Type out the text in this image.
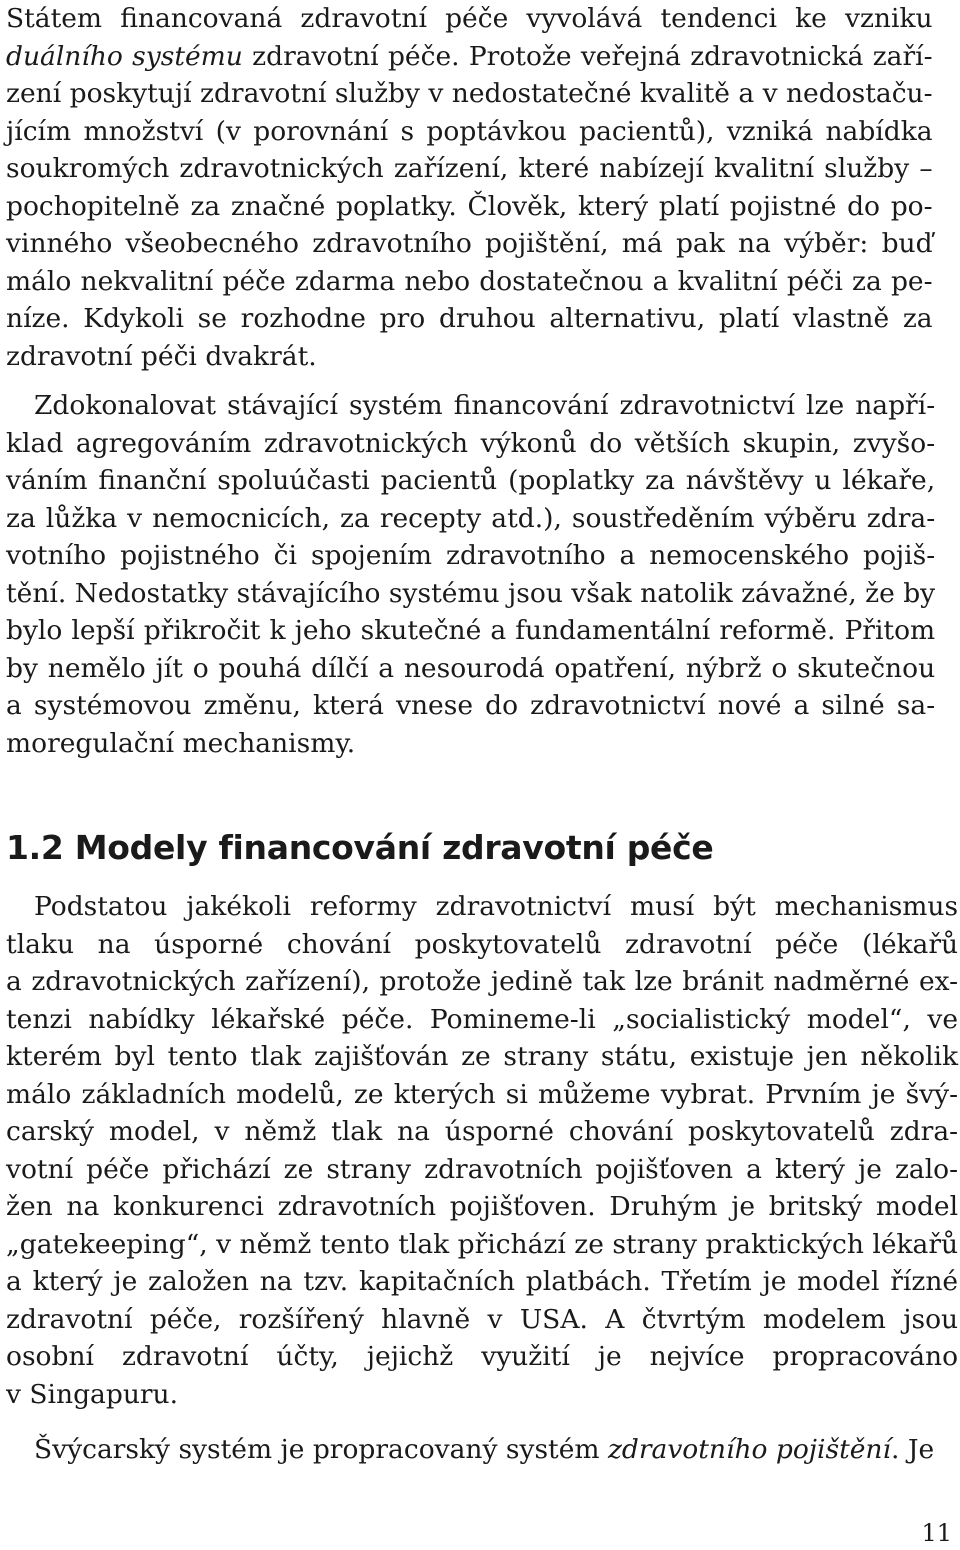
Státem financovaná zdravotní péče vyvolává tendenci ke vzniku
duálního systému zdravotní péče. Protože veřejná zdravotnická zaří-
zení poskytují zdravotní služby v nedostatečné kvalitě a v nedostaču-
jícím množství (v porovnání s poptávkou pacientů), vzniká nabídka
soukromých zdravotnických zařízení, které nabízejí kvalitní služby –
pochopitelně za značné poplatky. Člověk, který platí pojistné do po-
vinného všeobecného zdravotního pojištění, má pak na výběr: buď
málo nekvalitní péče zdarma nebo dostatečnou a kvalitní péči za pe-
níze. Kdykoli se rozhodne pro druhou alternativu, platí vlastně za
zdravotní péči dvakrát.
Zdokonalovat stávající systém financování zdravotnictví lze napří-
klad agregováním zdravotnických výkonů do větších skupin, zvyšo-
váním finanční spoluúčasti pacientů (poplatky za návštěvy u lékaře,
za lůžka v nemocnicích, za recepty atd.), soustředěním výběru zdra-
votního pojistného či spojením zdravotního a nemocenského pojiš-
tění. Nedostatky stávajícího systému jsou však natolik závažné, že by
bylo lepší přikročit k jeho skutečné a fundamentální reformě. Přitom
by nemělo jít o pouhá dílčí a nesourodá opatření, nýbrž o skutečnou
a systémovou změnu, která vnese do zdravotnictví nové a silné sa-
moregulační mechanismy.
1.2 Modely financování zdravotní péče
Podstatou jakékoli reformy zdravotnictví musí být mechanismus
tlaku na úsporné chování poskytovatelů zdravotní péče (lékařů
a zdravotnických zařízení), protože jedině tak lze bránit nadměrné ex-
tenzi nabídky lékařské péče. Pomineme-li „socialistický model“, ve
kterém byl tento tlak zajišťován ze strany státu, existuje jen několik
málo základních modelů, ze kterých si můžeme vybrat. Prvním je švý-
carský model, v němž tlak na úsporné chování poskytovatelů zdra-
votní péče přichází ze strany zdravotních pojišťoven a který je zalo-
žen na konkurenci zdravotních pojišťoven. Druhým je britský model
„gatekeeping“, v němž tento tlak přichází ze strany praktických lékařů
a který je založen na tzv. kapitačních platbách. Třetím je model řízné
zdravotní péče, rozšířený hlavně v USA. A čtvrtým modelem jsou
osobní zdravotní účty, jejichž využití je nejvíce propracováno
v Singapuru.
Švýcarský systém je propracovaný systém zdravotního pojištění. Je
11
